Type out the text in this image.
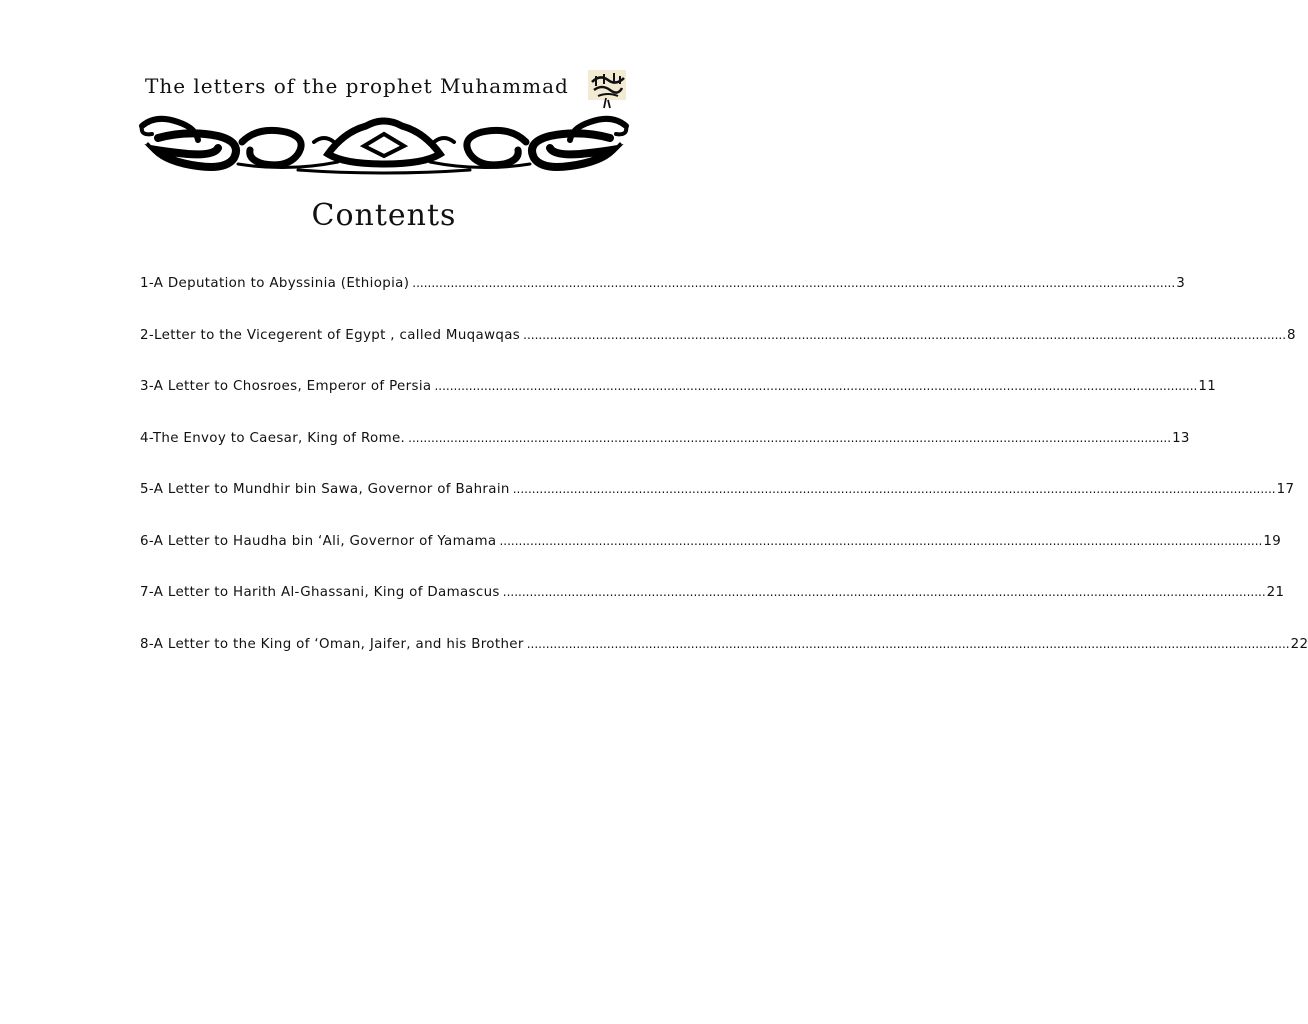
The letters of the prophet Muhammad
Contents
1-A Deputation to Abyssinia (Ethiopia) ........................................................................................................................................................................................................ 3
2-Letter to the Vicegerent of Egypt , called Muqawqas ........................................................................................................................................................................................................ 8
3-A Letter to Chosroes, Emperor of Persia ........................................................................................................................................................................................................ 11
4-The Envoy to Caesar, King of Rome. ........................................................................................................................................................................................................ 13
5-A Letter to Mundhir bin Sawa, Governor of Bahrain ........................................................................................................................................................................................................ 17
6-A Letter to Haudha bin ‘Ali, Governor of Yamama ........................................................................................................................................................................................................ 19
7-A Letter to Harith Al-Ghassani, King of Damascus ........................................................................................................................................................................................................ 21
8-A Letter to the King of ‘Oman, Jaifer, and his Brother ........................................................................................................................................................................................................ 22
